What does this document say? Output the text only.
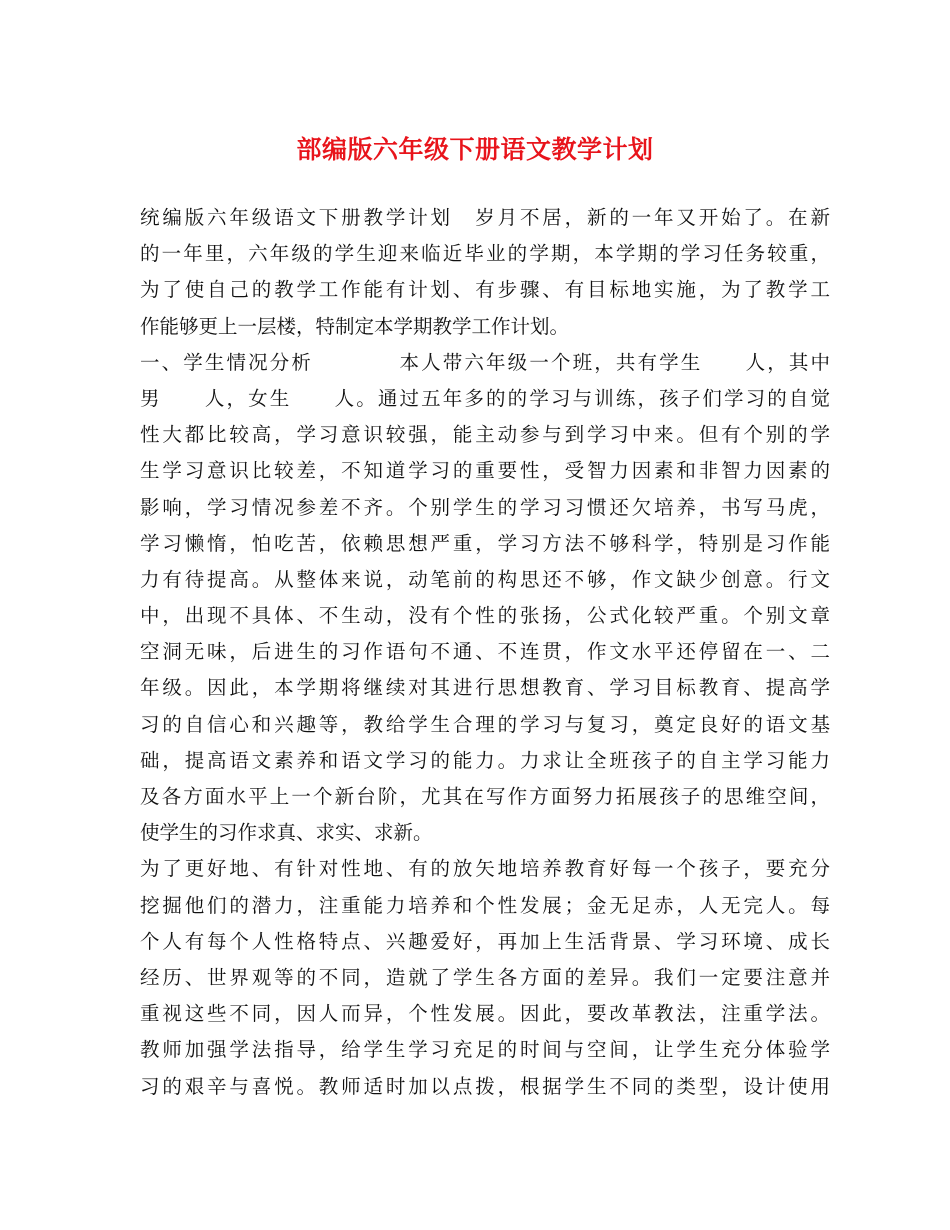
部编版六年级下册语文教学计划
统编版六年级语文下册教学计划　岁月不居，新的一年又开始了。在新
的一年里，六年级的学生迎来临近毕业的学期，本学期的学习任务较重，
为了使自己的教学工作能有计划、有步骤、有目标地实施，为了教学工
作能够更上一层楼，特制定本学期教学工作计划。
一、学生情况分析　　　　本人带六年级一个班，共有学生　　人，其中
男　　人，女生　　人。通过五年多的的学习与训练，孩子们学习的自觉
性大都比较高，学习意识较强，能主动参与到学习中来。但有个别的学
生学习意识比较差，不知道学习的重要性，受智力因素和非智力因素的
影响，学习情况参差不齐。个别学生的学习习惯还欠培养，书写马虎，
学习懒惰，怕吃苦，依赖思想严重，学习方法不够科学，特别是习作能
力有待提高。从整体来说，动笔前的构思还不够，作文缺少创意。行文
中，出现不具体、不生动，没有个性的张扬，公式化较严重。个别文章
空洞无味，后进生的习作语句不通、不连贯，作文水平还停留在一、二
年级。因此，本学期将继续对其进行思想教育、学习目标教育、提高学
习的自信心和兴趣等，教给学生合理的学习与复习，奠定良好的语文基
础，提高语文素养和语文学习的能力。力求让全班孩子的自主学习能力
及各方面水平上一个新台阶，尤其在写作方面努力拓展孩子的思维空间，
使学生的习作求真、求实、求新。
为了更好地、有针对性地、有的放矢地培养教育好每一个孩子，要充分
挖掘他们的潜力，注重能力培养和个性发展；金无足赤，人无完人。每
个人有每个人性格特点、兴趣爱好，再加上生活背景、学习环境、成长
经历、世界观等的不同，造就了学生各方面的差异。我们一定要注意并
重视这些不同，因人而异，个性发展。因此，要改革教法，注重学法。
教师加强学法指导，给学生学习充足的时间与空间，让学生充分体验学
习的艰辛与喜悦。教师适时加以点拨，根据学生不同的类型，设计使用
